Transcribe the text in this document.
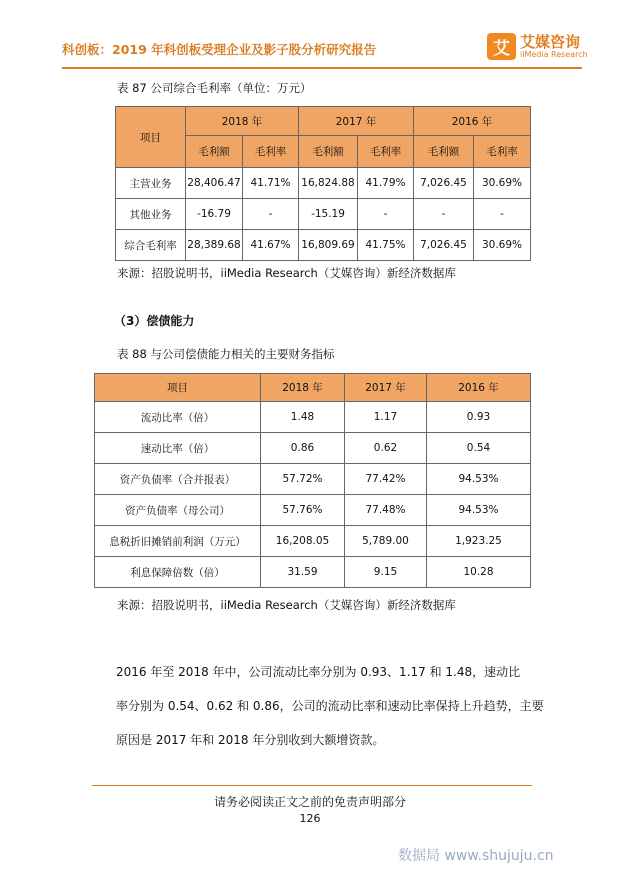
科创板：2019 年科创板受理企业及影子股分析研究报告	艾 艾媒咨询
iiMedia Research
表 87 公司综合毛利率（单位：万元）
项目	2018 年		2017 年		2016 年	
	毛利额	毛利率	毛利额	毛利率	毛利额	毛利率
主营业务	28,406.47	41.71%	16,824.88	41.79%	7,026.45	30.69%
其他业务	-16.79	-	-15.19	-	-	-
综合毛利率	28,389.68	41.67%	16,809.69	41.75%	7,026.45	30.69%
来源：招股说明书，iiMedia Research（艾媒咨询）新经济数据库
（3）偿债能力
表 88 与公司偿债能力相关的主要财务指标
项目	2018 年	2017 年	2016 年
流动比率（倍）	1.48	1.17	0.93
速动比率（倍）	0.86	0.62	0.54
资产负债率（合并报表）	57.72%	77.42%	94.53%
资产负债率（母公司）	57.76%	77.48%	94.53%
息税折旧摊销前利润（万元）	16,208.05	5,789.00	1,923.25
利息保障倍数（倍）	31.59	9.15	10.28
来源：招股说明书，iiMedia Research（艾媒咨询）新经济数据库
2016 年至 2018 年中，公司流动比率分别为 0.93、1.17 和 1.48，速动比
率分别为 0.54、0.62 和 0.86，公司的流动比率和速动比率保持上升趋势，主要
原因是 2017 年和 2018 年分别收到大额增资款。
请务必阅读正文之前的免责声明部分
126
数据局 www.shujuju.cn
